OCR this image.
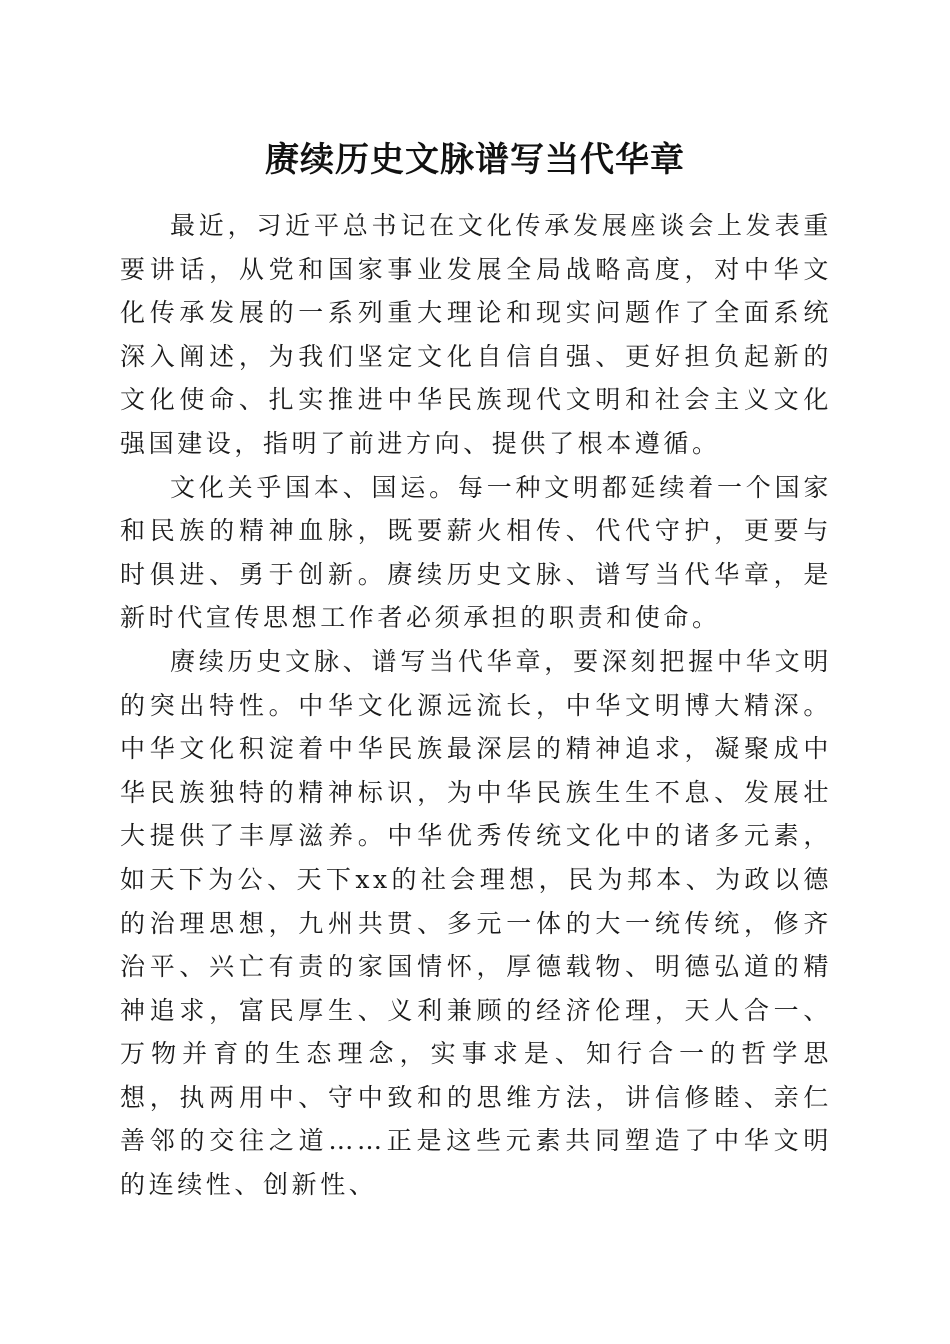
赓续历史文脉谱写当代华章

最近，习近平总书记在文化传承发展座谈会上发表重要讲话，从党和国家事业发展全局战略高度，对中华文化传承发展的一系列重大理论和现实问题作了全面系统深入阐述，为我们坚定文化自信自强、更好担负起新的文化使命、扎实推进中华民族现代文明和社会主义文化强国建设，指明了前进方向、提供了根本遵循。

文化关乎国本、国运。每一种文明都延续着一个国家和民族的精神血脉，既要薪火相传、代代守护，更要与时俱进、勇于创新。赓续历史文脉、谱写当代华章，是新时代宣传思想工作者必须承担的职责和使命。

赓续历史文脉、谱写当代华章，要深刻把握中华文明的突出特性。中华文化源远流长，中华文明博大精深。中华文化积淀着中华民族最深层的精神追求，凝聚成中华民族独特的精神标识，为中华民族生生不息、发展壮大提供了丰厚滋养。中华优秀传统文化中的诸多元素，如天下为公、天下xx的社会理想，民为邦本、为政以德的治理思想，九州共贯、多元一体的大一统传统，修齐治平、兴亡有责的家国情怀，厚德载物、明德弘道的精神追求，富民厚生、义利兼顾的经济伦理，天人合一、万物并育的生态理念，实事求是、知行合一的哲学思想，执两用中、守中致和的思维方法，讲信修睦、亲仁善邻的交往之道……正是这些元素共同塑造了中华文明的连续性、创新性、
